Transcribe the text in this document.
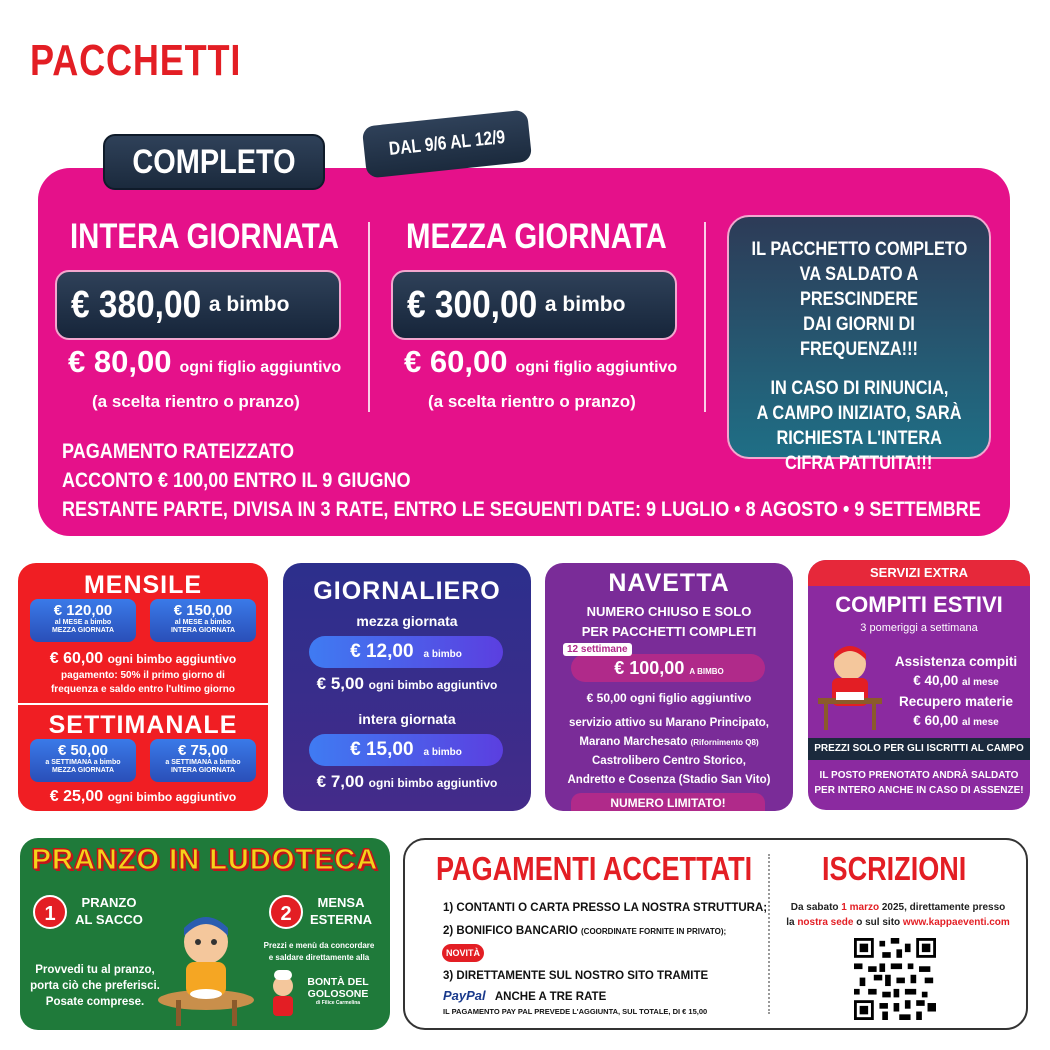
PACCHETTI
COMPLETO	DAL 9/6 AL 12/9
INTERA GIORNATA
€ 380,00 a bimbo
€ 80,00 ogni figlio aggiuntivo
(a scelta rientro o pranzo)
MEZZA GIORNATA
€ 300,00 a bimbo
€ 60,00 ogni figlio aggiuntivo
(a scelta rientro o pranzo)
IL PACCHETTO COMPLETO
VA SALDATO A PRESCINDERE
DAI GIORNI DI FREQUENZA!!!
IN CASO DI RINUNCIA,
A CAMPO INIZIATO, SARÀ
RICHIESTA L'INTERA
CIFRA PATTUITA!!!
PAGAMENTO RATEIZZATO
ACCONTO € 100,00 ENTRO IL 9 GIUGNO
RESTANTE PARTE, DIVISA IN 3 RATE, ENTRO LE SEGUENTI DATE: 9 LUGLIO • 8 AGOSTO • 9 SETTEMBRE
MENSILE
€ 120,00
al MESE a bimbo
MEZZA GIORNATA
€ 150,00
al MESE a bimbo
INTERA GIORNATA
€ 60,00 ogni bimbo aggiuntivo
pagamento: 50% il primo giorno di
frequenza e saldo entro l'ultimo giorno
SETTIMANALE
€ 50,00
a SETTIMANA a bimbo
MEZZA GIORNATA
€ 75,00
a SETTIMANA a bimbo
INTERA GIORNATA
€ 25,00 ogni bimbo aggiuntivo
GIORNALIERO
mezza giornata
€ 12,00 a bimbo
€ 5,00 ogni bimbo aggiuntivo
intera giornata
€ 15,00 a bimbo
€ 7,00 ogni bimbo aggiuntivo
NAVETTA
NUMERO CHIUSO E SOLO
PER PACCHETTI COMPLETI
12 settimane
€ 100,00 A BIMBO
€ 50,00 ogni figlio aggiuntivo
servizio attivo su Marano Principato,
Marano Marchesato (Rifornimento Q8)
Castrolibero Centro Storico,
Andretto e Cosenza (Stadio San Vito)
NUMERO LIMITATO!
SERVIZI EXTRA
COMPITI ESTIVI
3 pomeriggi a settimana
Assistenza compiti
€ 40,00 al mese
Recupero materie
€ 60,00 al mese
PREZZI SOLO PER GLI ISCRITTI AL CAMPO
IL POSTO PRENOTATO ANDRÀ SALDATO
PER INTERO ANCHE IN CASO DI ASSENZE!
PRANZO IN LUDOTECA
1
PRANZO
AL SACCO	2
MENSA
ESTERNA
Provvedi tu al pranzo,
porta ciò che preferisci.
Posate comprese.
Prezzi e menù da concordare
e saldare direttamente alla
BONTÀ DEL
GOLOSONE
di Filice Carmelina
PAGAMENTI ACCETTATI
1) CONTANTI O CARTA PRESSO LA NOSTRA STRUTTURA;
2) BONIFICO BANCARIO (COORDINATE FORNITE IN PRIVATO);
NOVITÀ
3) DIRETTAMENTE SUL NOSTRO SITO TRAMITE
PayPal ANCHE A TRE RATE
IL PAGAMENTO PAY PAL PREVEDE L'AGGIUNTA, SUL TOTALE, DI € 15,00
ISCRIZIONI
Da sabato 1 marzo 2025, direttamente presso
la nostra sede o sul sito www.kappaeventi.com
